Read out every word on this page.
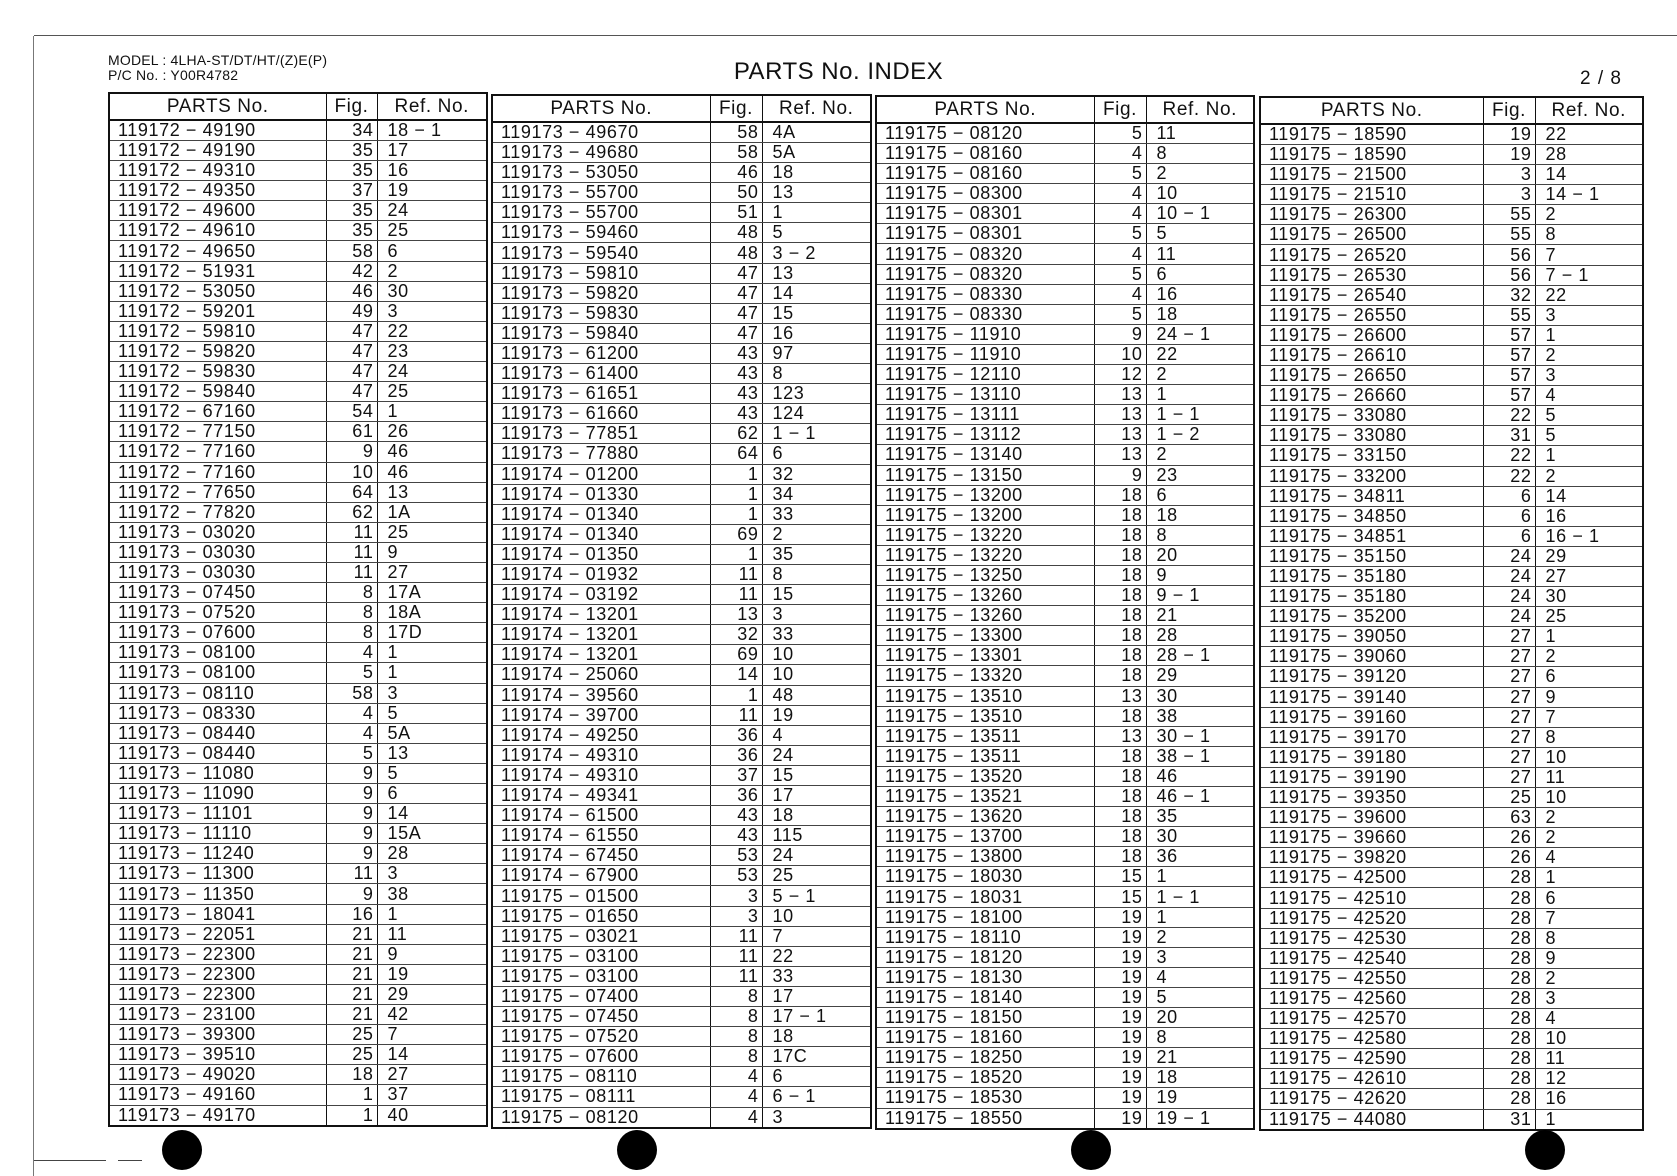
MODEL : 4LHA-ST/DT/HT/(Z)E(P)
P/C No. : Y00R4782	PARTS No. INDEX	2 / 8
PARTS No.	Fig.	Ref. No.
119172 − 49190	34	18 − 1
119172 − 49190	35	17
119172 − 49310	35	16
119172 − 49350	37	19
119172 − 49600	35	24
119172 − 49610	35	25
119172 − 49650	58	6
119172 − 51931	42	2
119172 − 53050	46	30
119172 − 59201	49	3
119172 − 59810	47	22
119172 − 59820	47	23
119172 − 59830	47	24
119172 − 59840	47	25
119172 − 67160	54	1
119172 − 77150	61	26
119172 − 77160	9	46
119172 − 77160	10	46
119172 − 77650	64	13
119172 − 77820	62	1A
119173 − 03020	11	25
119173 − 03030	11	9
119173 − 03030	11	27
119173 − 07450	8	17A
119173 − 07520	8	18A
119173 − 07600	8	17D
119173 − 08100	4	1
119173 − 08100	5	1
119173 − 08110	58	3
119173 − 08330	4	5
119173 − 08440	4	5A
119173 − 08440	5	13
119173 − 11080	9	5
119173 − 11090	9	6
119173 − 11101	9	14
119173 − 11110	9	15A
119173 − 11240	9	28
119173 − 11300	11	3
119173 − 11350	9	38
119173 − 18041	16	1
119173 − 22051	21	11
119173 − 22300	21	9
119173 − 22300	21	19
119173 − 22300	21	29
119173 − 23100	21	42
119173 − 39300	25	7
119173 − 39510	25	14
119173 − 49020	18	27
119173 − 49160	1	37
119173 − 49170	1	40
PARTS No.	Fig.	Ref. No.
119173 − 49670	58	4A
119173 − 49680	58	5A
119173 − 53050	46	18
119173 − 55700	50	13
119173 − 55700	51	1
119173 − 59460	48	5
119173 − 59540	48	3 − 2
119173 − 59810	47	13
119173 − 59820	47	14
119173 − 59830	47	15
119173 − 59840	47	16
119173 − 61200	43	97
119173 − 61400	43	8
119173 − 61651	43	123
119173 − 61660	43	124
119173 − 77851	62	1 − 1
119173 − 77880	64	6
119174 − 01200	1	32
119174 − 01330	1	34
119174 − 01340	1	33
119174 − 01340	69	2
119174 − 01350	1	35
119174 − 01932	11	8
119174 − 03192	11	15
119174 − 13201	13	3
119174 − 13201	32	33
119174 − 13201	69	10
119174 − 25060	14	10
119174 − 39560	1	48
119174 − 39700	11	19
119174 − 49250	36	4
119174 − 49310	36	24
119174 − 49310	37	15
119174 − 49341	36	17
119174 − 61500	43	18
119174 − 61550	43	115
119174 − 67450	53	24
119174 − 67900	53	25
119175 − 01500	3	5 − 1
119175 − 01650	3	10
119175 − 03021	11	7
119175 − 03100	11	22
119175 − 03100	11	33
119175 − 07400	8	17
119175 − 07450	8	17 − 1
119175 − 07520	8	18
119175 − 07600	8	17C
119175 − 08110	4	6
119175 − 08111	4	6 − 1
119175 − 08120	4	3
PARTS No.	Fig.	Ref. No.
119175 − 08120	5	11
119175 − 08160	4	8
119175 − 08160	5	2
119175 − 08300	4	10
119175 − 08301	4	10 − 1
119175 − 08301	5	5
119175 − 08320	4	11
119175 − 08320	5	6
119175 − 08330	4	16
119175 − 08330	5	18
119175 − 11910	9	24 − 1
119175 − 11910	10	22
119175 − 12110	12	2
119175 − 13110	13	1
119175 − 13111	13	1 − 1
119175 − 13112	13	1 − 2
119175 − 13140	13	2
119175 − 13150	9	23
119175 − 13200	18	6
119175 − 13200	18	18
119175 − 13220	18	8
119175 − 13220	18	20
119175 − 13250	18	9
119175 − 13260	18	9 − 1
119175 − 13260	18	21
119175 − 13300	18	28
119175 − 13301	18	28 − 1
119175 − 13320	18	29
119175 − 13510	13	30
119175 − 13510	18	38
119175 − 13511	13	30 − 1
119175 − 13511	18	38 − 1
119175 − 13520	18	46
119175 − 13521	18	46 − 1
119175 − 13620	18	35
119175 − 13700	18	30
119175 − 13800	18	36
119175 − 18030	15	1
119175 − 18031	15	1 − 1
119175 − 18100	19	1
119175 − 18110	19	2
119175 − 18120	19	3
119175 − 18130	19	4
119175 − 18140	19	5
119175 − 18150	19	20
119175 − 18160	19	8
119175 − 18250	19	21
119175 − 18520	19	18
119175 − 18530	19	19
119175 − 18550	19	19 − 1
PARTS No.	Fig.	Ref. No.
119175 − 18590	19	22
119175 − 18590	19	28
119175 − 21500	3	14
119175 − 21510	3	14 − 1
119175 − 26300	55	2
119175 − 26500	55	8
119175 − 26520	56	7
119175 − 26530	56	7 − 1
119175 − 26540	32	22
119175 − 26550	55	3
119175 − 26600	57	1
119175 − 26610	57	2
119175 − 26650	57	3
119175 − 26660	57	4
119175 − 33080	22	5
119175 − 33080	31	5
119175 − 33150	22	1
119175 − 33200	22	2
119175 − 34811	6	14
119175 − 34850	6	16
119175 − 34851	6	16 − 1
119175 − 35150	24	29
119175 − 35180	24	27
119175 − 35180	24	30
119175 − 35200	24	25
119175 − 39050	27	1
119175 − 39060	27	2
119175 − 39120	27	6
119175 − 39140	27	9
119175 − 39160	27	7
119175 − 39170	27	8
119175 − 39180	27	10
119175 − 39190	27	11
119175 − 39350	25	10
119175 − 39600	63	2
119175 − 39660	26	2
119175 − 39820	26	4
119175 − 42500	28	1
119175 − 42510	28	6
119175 − 42520	28	7
119175 − 42530	28	8
119175 − 42540	28	9
119175 − 42550	28	2
119175 − 42560	28	3
119175 − 42570	28	4
119175 − 42580	28	10
119175 − 42590	28	11
119175 − 42610	28	12
119175 − 42620	28	16
119175 − 44080	31	1
